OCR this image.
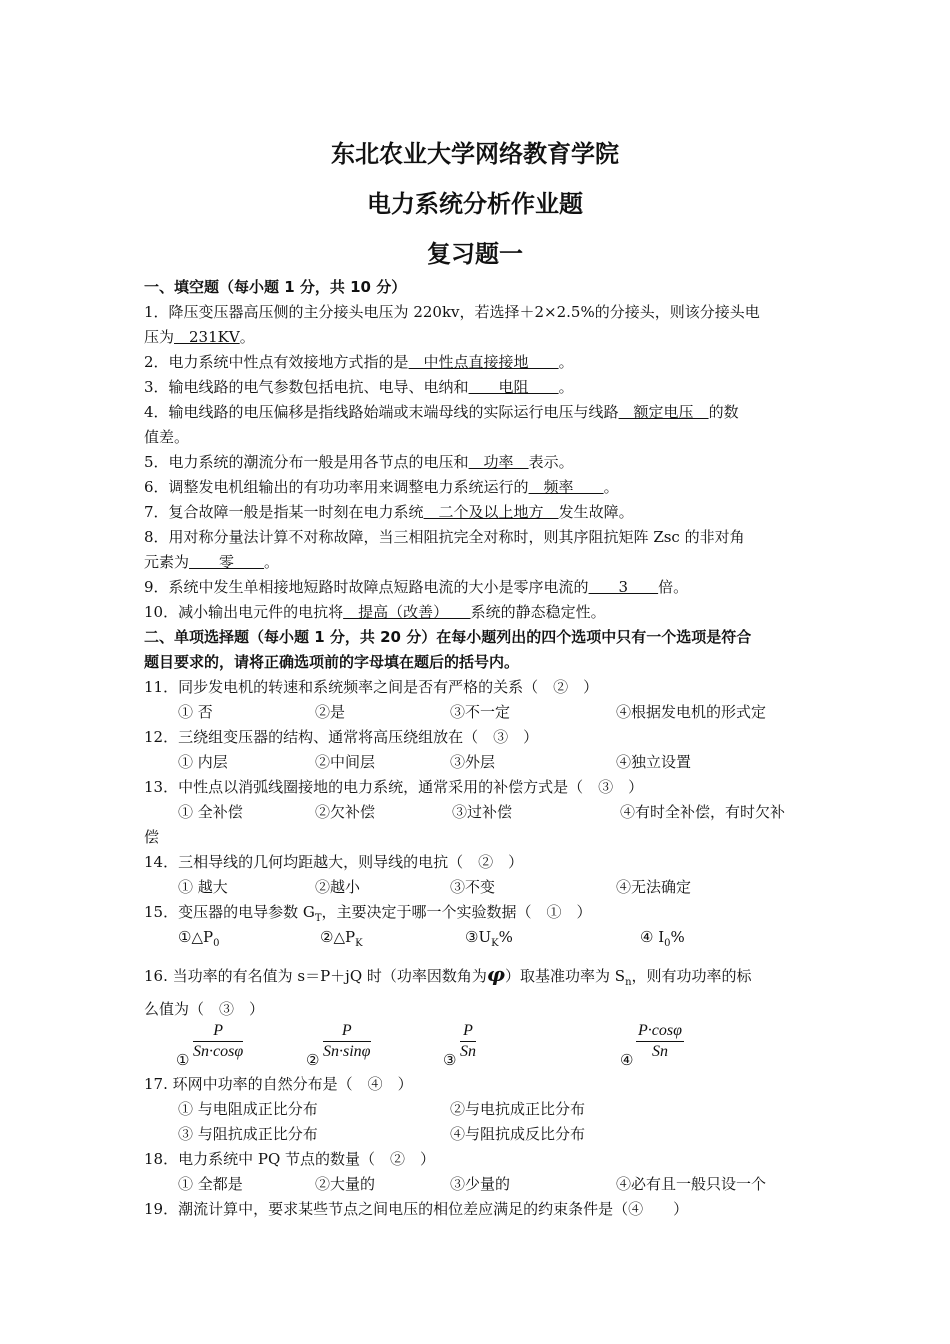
东北农业大学网络教育学院
电力系统分析作业题
复习题一
一、填空题（每小题 1 分，共 10 分）
1．降压变压器高压侧的主分接头电压为 220kv，若选择＋2×2.5%的分接头，则该分接头电
压为　231KV。
2．电力系统中性点有效接地方式指的是　中性点直接接地　　。
3．输电线路的电气参数包括电抗、电导、电纳和　　电阻　　。
4．输电线路的电压偏移是指线路始端或末端母线的实际运行电压与线路　额定电压　的数
值差。
5．电力系统的潮流分布一般是用各节点的电压和　功率　表示。
6．调整发电机组输出的有功功率用来调整电力系统运行的　频率　　。
7．复合故障一般是指某一时刻在电力系统　二个及以上地方　发生故障。
8．用对称分量法计算不对称故障，当三相阻抗完全对称时，则其序阻抗矩阵 Zsc 的非对角
元素为　　零　　。
9．系统中发生单相接地短路时故障点短路电流的大小是零序电流的　　3　　倍。
10．减小输出电元件的电抗将　提高（改善）　　系统的静态稳定性。
二、单项选择题（每小题 1 分，共 20 分）在每小题列出的四个选项中只有一个选项是符合
题目要求的，请将正确选项前的字母填在题后的括号内。
11．同步发电机的转速和系统频率之间是否有严格的关系（　②　）
① 否	②是	③不一定	④根据发电机的形式定
12．三绕组变压器的结构、通常将高压绕组放在（　③　）
① 内层	②中间层	③外层	④独立设置
13．中性点以消弧线圈接地的电力系统，通常采用的补偿方式是（　③　）
① 全补偿	②欠补偿	③过补偿	④有时全补偿，有时欠补
偿
14．三相导线的几何均距越大，则导线的电抗（　②　）
① 越大	②越小	③不变	④无法确定
15．变压器的电导参数 $G_T$，主要决定于哪一个实验数据（　①　）
$①\triangle P_0$	$②\triangle P_K$	$③U_K\%$	④ $I_0\%$
16. 当功率的有名值为 s＝P＋jQ 时（功率因数角为φ）取基准功率为 $S_n$，则有功功率的标
么值为（　③　）
① $\frac{P}{Sn\cdot\cos\varphi}$	② $\frac{P}{Sn\cdot\sin\varphi}$	③ $\frac{P}{Sn}$	④ $\frac{P\cdot\cos\varphi}{Sn}$
17. 环网中功率的自然分布是（　④　）
① 与电阻成正比分布	②与电抗成正比分布
③ 与阻抗成正比分布	④与阻抗成反比分布
18．电力系统中 PQ 节点的数量（　②　）
① 全都是	②大量的	③少量的	④必有且一般只设一个
19．潮流计算中，要求某些节点之间电压的相位差应满足的约束条件是（④　　）
